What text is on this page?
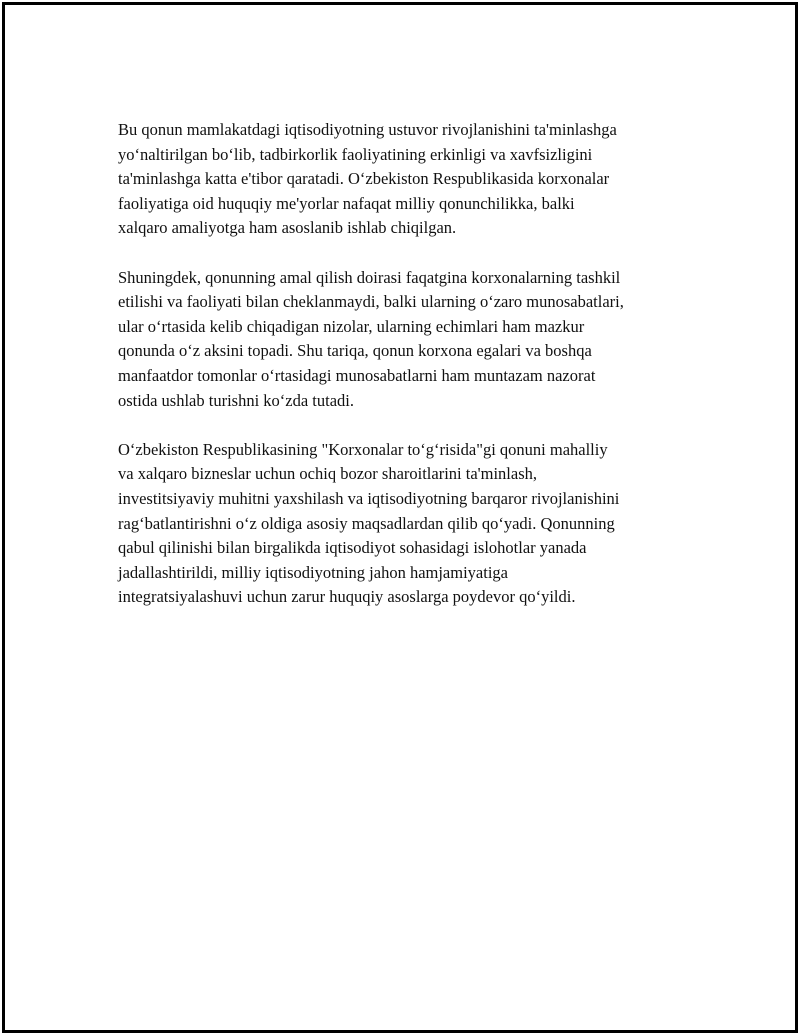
Bu qonun mamlakatdagi iqtisodiyotning ustuvor rivojlanishini ta'minlashga
yoʻnaltirilgan boʻlib, tadbirkorlik faoliyatining erkinligi va xavfsizligini
ta'minlashga katta e'tibor qaratadi. Oʻzbekiston Respublikasida korxonalar
faoliyatiga oid huquqiy me'yorlar nafaqat milliy qonunchilikka, balki
xalqaro amaliyotga ham asoslanib ishlab chiqilgan.

Shuningdek, qonunning amal qilish doirasi faqatgina korxonalarning tashkil
etilishi va faoliyati bilan cheklanmaydi, balki ularning oʻzaro munosabatlari,
ular oʻrtasida kelib chiqadigan nizolar, ularning echimlari ham mazkur
qonunda oʻz aksini topadi. Shu tariqa, qonun korxona egalari va boshqa
manfaatdor tomonlar oʻrtasidagi munosabatlarni ham muntazam nazorat
ostida ushlab turishni koʻzda tutadi.

Oʻzbekiston Respublikasining "Korxonalar toʻgʻrisida"gi qonuni mahalliy
va xalqaro bizneslar uchun ochiq bozor sharoitlarini ta'minlash,
investitsiyaviy muhitni yaxshilash va iqtisodiyotning barqaror rivojlanishini
ragʻbatlantirishni oʻz oldiga asosiy maqsadlardan qilib qoʻyadi. Qonunning
qabul qilinishi bilan birgalikda iqtisodiyot sohasidagi islohotlar yanada
jadallashtirildi, milliy iqtisodiyotning jahon hamjamiyatiga
integratsiyalashuvi uchun zarur huquqiy asoslarga poydevor qoʻyildi.
